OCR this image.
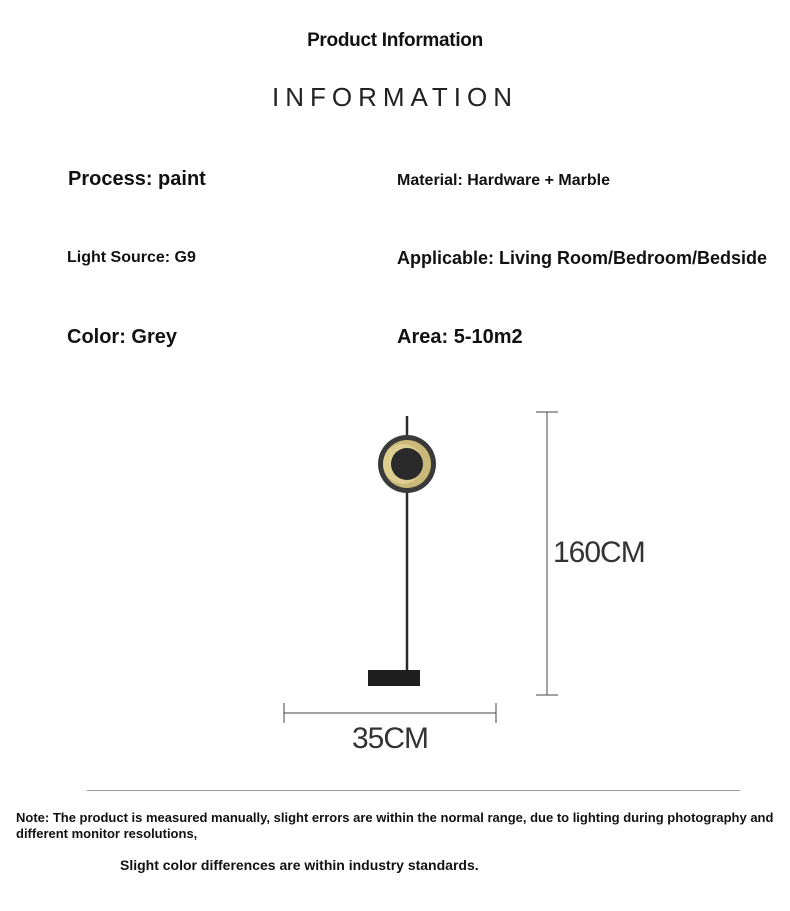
Product Information
INFORMATION
Process: paint	Material: Hardware + Marble
Light Source: G9	Applicable: Living Room/Bedroom/Bedside
Color: Grey	Area: 5-10m2
160CM
35CM
Note: The product is measured manually, slight errors are within the normal range, due to lighting during photography and different monitor resolutions,
Slight color differences are within industry standards.
